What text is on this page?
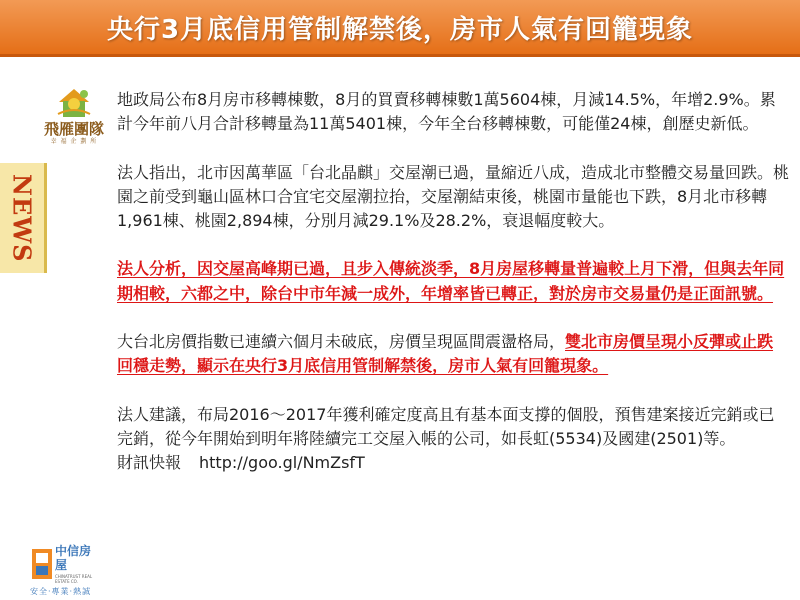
央行3月底信用管制解禁後，房市人氣有回籠現象
飛雁團隊
幸 福 企 劃 所
NEWS

地政局公布8月房市移轉棟數，8月的買賣移轉棟數1萬5604棟，月減14.5%，年增2.9%。累計今年前八月合計移轉量為11萬5401棟，今年全台移轉棟數，可能僅24棟，創歷史新低。

法人指出，北市因萬華區「台北晶麒」交屋潮已過，量縮近八成，造成北市整體交易量回跌。桃園之前受到龜山區林口合宜宅交屋潮拉抬，交屋潮結束後，桃園市量能也下跌，8月北市移轉1,961棟、桃園2,894棟，分別月減29.1%及28.2%，衰退幅度較大。

法人分析，因交屋高峰期已過，且步入傳統淡季，8月房屋移轉量普遍較上月下滑，但與去年同期相較，六都之中，除台中市年減一成外，年增率皆已轉正，對於房市交易量仍是正面訊號。

大台北房價指數已連續六個月未破底，房價呈現區間震盪格局，雙北市房價呈現小反彈或止跌回穩走勢，顯示在央行3月底信用管制解禁後，房市人氣有回籠現象。

法人建議，布局2016～2017年獲利確定度高且有基本面支撐的個股，預售建案接近完銷或已完銷，從今年開始到明年將陸續完工交屋入帳的公司，如長虹(5534)及國建(2501)等。
財訊快報 http://goo.gl/NmZsfT

中信房屋
CHINATRUST REAL ESTATE CO.
安全‧專業‧熱誠
